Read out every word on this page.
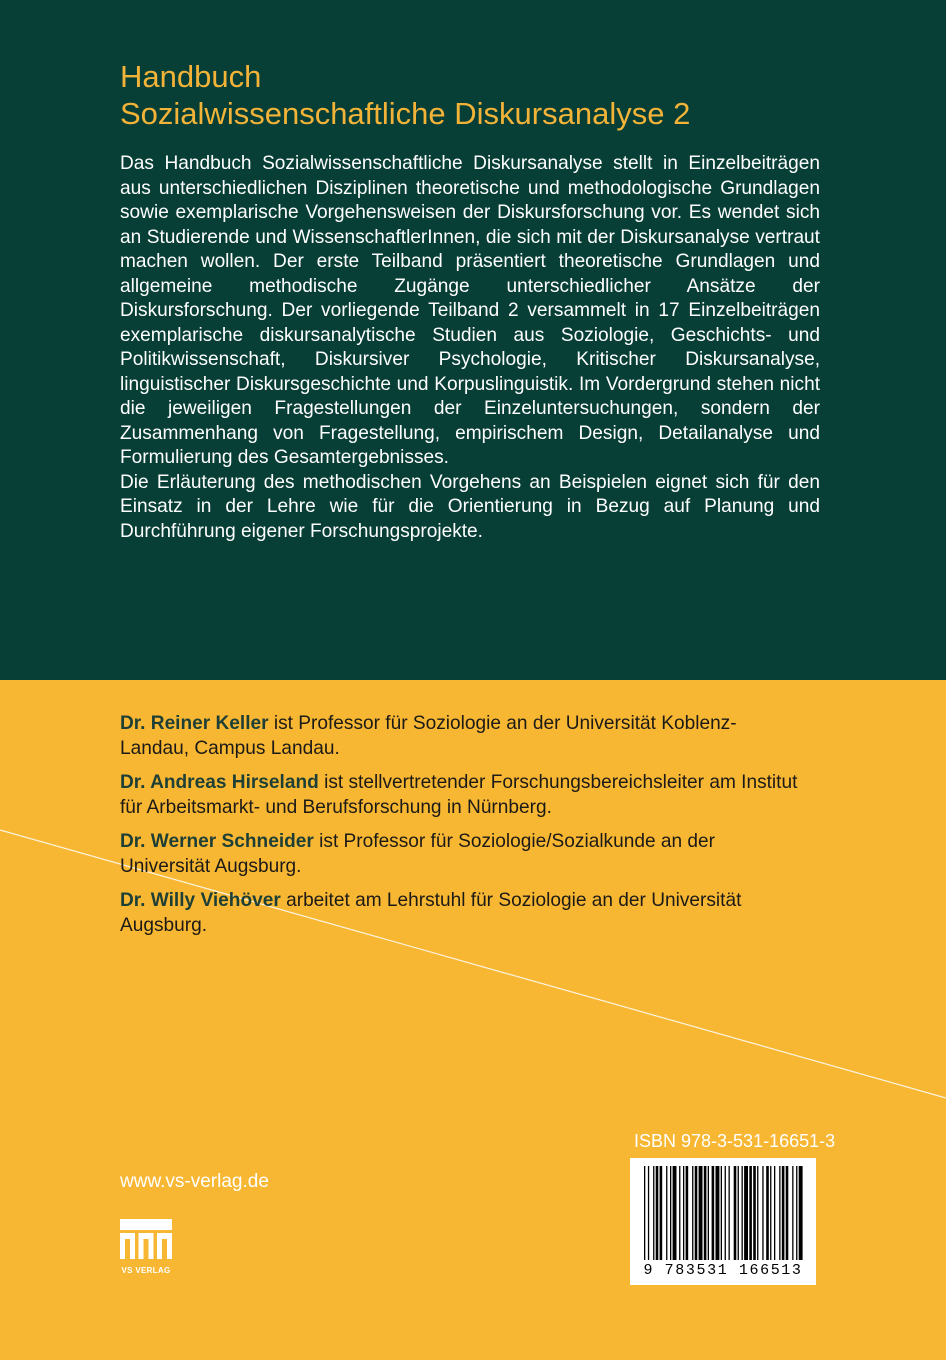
Handbuch
Sozialwissenschaftliche Diskursanalyse 2

Das Handbuch Sozialwissenschaftliche Diskursanalyse stellt in Einzelbeiträgen aus unterschiedlichen Disziplinen theoretische und methodologische Grundlagen sowie exemplarische Vorgehensweisen der Diskursforschung vor. Es wendet sich an Studierende und WissenschaftlerInnen, die sich mit der Diskursanalyse vertraut machen wollen. Der erste Teilband präsentiert theoretische Grundlagen und allgemeine methodische Zugänge unterschiedlicher Ansätze der Diskursforschung. Der vorliegende Teilband 2 versammelt in 17 Einzelbeiträgen exemplarische diskursanalytische Studien aus Soziologie, Geschichts- und Politikwissenschaft, Diskursiver Psychologie, Kritischer Diskursanalyse, linguistischer Diskursgeschichte und Korpuslinguistik. Im Vordergrund stehen nicht die jeweiligen Fragestellungen der Einzeluntersuchungen, sondern der Zusammenhang von Fragestellung, empirischem Design, Detailanalyse und Formulierung des Gesamtergebnisses.

Die Erläuterung des methodischen Vorgehens an Beispielen eignet sich für den Einsatz in der Lehre wie für die Orientierung in Bezug auf Planung und Durchführung eigener Forschungsprojekte.

Dr. Reiner Keller ist Professor für Soziologie an der Universität Koblenz-Landau, Campus Landau.
Dr. Andreas Hirseland ist stellvertretender Forschungsbereichsleiter am Institut für Arbeitsmarkt- und Berufsforschung in Nürnberg.
Dr. Werner Schneider ist Professor für Soziologie/Sozialkunde an der Universität Augsburg.
Dr. Willy Viehöver arbeitet am Lehrstuhl für Soziologie an der Universität Augsburg.
www.vs-verlag.de
VS VERLAG
ISBN 978-3-531-16651-3
9 783531 166513
